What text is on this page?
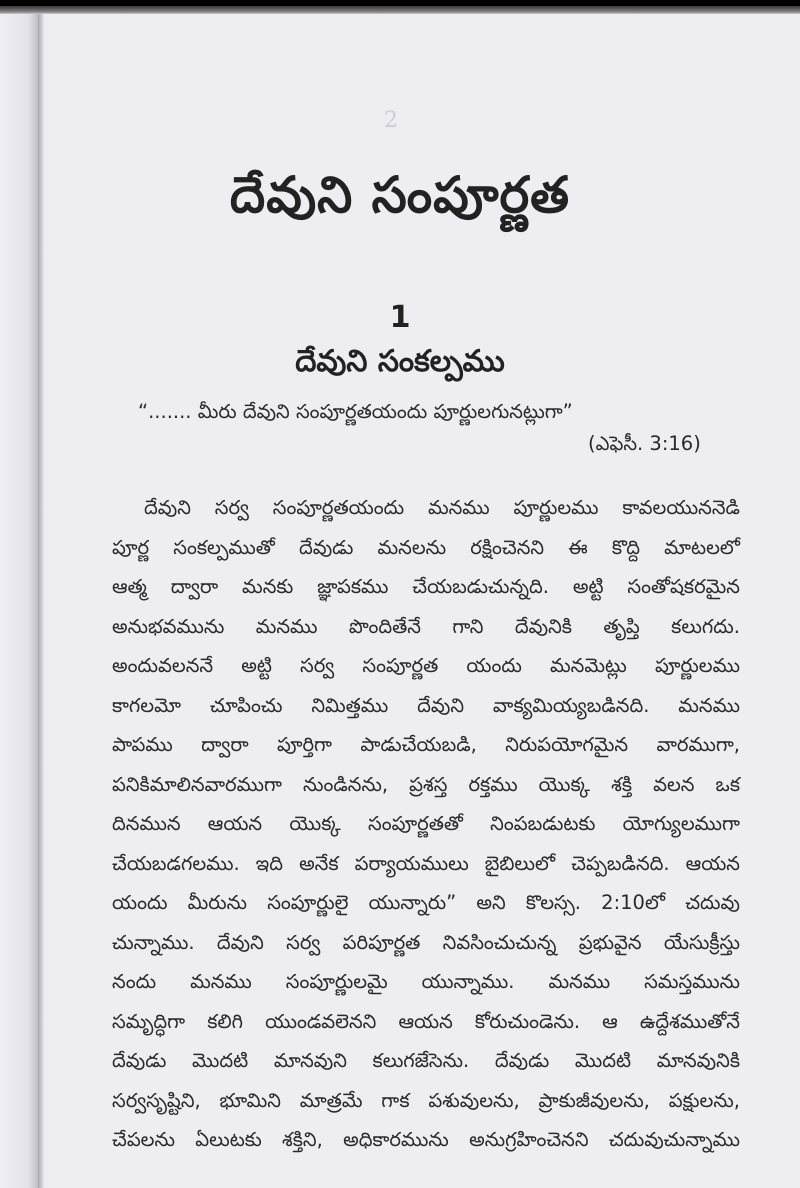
2
దేవుని సంపూర్ణత
1
దేవుని సంకల్పము
“....... మీరు దేవుని సంపూర్ణతయందు పూర్ణులగునట్లుగా”
(ఎఫెసీ. 3:16)
దేవుని సర్వ సంపూర్ణతయందు మనము పూర్ణులము కావలయుననెడి
పూర్ణ సంకల్పముతో దేవుడు మనలను రక్షించెనని ఈ కొద్ది మాటలలో
ఆత్మ ద్వారా మనకు జ్ఞాపకము చేయబడుచున్నది. అట్టి సంతోషకరమైన
అనుభవమును మనము పొందితేనే గాని దేవునికి తృప్తి కలుగదు.
అందువలననే అట్టి సర్వ సంపూర్ణత యందు మనమెట్లు పూర్ణులము
కాగలమో చూపించు నిమిత్తము దేవుని వాక్యమియ్యబడినది. మనము
పాపము ద్వారా పూర్తిగా పాడుచేయబడి, నిరుపయోగమైన వారముగా,
పనికిమాలినవారముగా నుండినను, ప్రశస్త రక్తము యొక్క శక్తి వలన ఒక
దినమున ఆయన యొక్క సంపూర్ణతతో నింపబడుటకు యోగ్యులముగా
చేయబడగలము. ఇది అనేక పర్యాయములు బైబిలులో చెప్పబడినది. ఆయన
యందు మీరును సంపూర్ణులై యున్నారు” అని కొలస్స. 2:10లో చదువు
చున్నాము. దేవుని సర్వ పరిపూర్ణత నివసించుచున్న ప్రభువైన యేసుక్రీస్తు
నందు మనము సంపూర్ణులమై యున్నాము. మనము సమస్తమును
సమృద్ధిగా కలిగి యుండవలెనని ఆయన కోరుచుండెను. ఆ ఉద్దేశముతోనే
దేవుడు మొదటి మానవుని కలుగజేసెను. దేవుడు మొదటి మానవునికి
సర్వసృష్టిని, భూమిని మాత్రమే గాక పశువులను, ప్రాకుజీవులను, పక్షులను,
చేపలను ఏలుటకు శక్తిని, అధికారమును అనుగ్రహించెనని చదువుచున్నాము
